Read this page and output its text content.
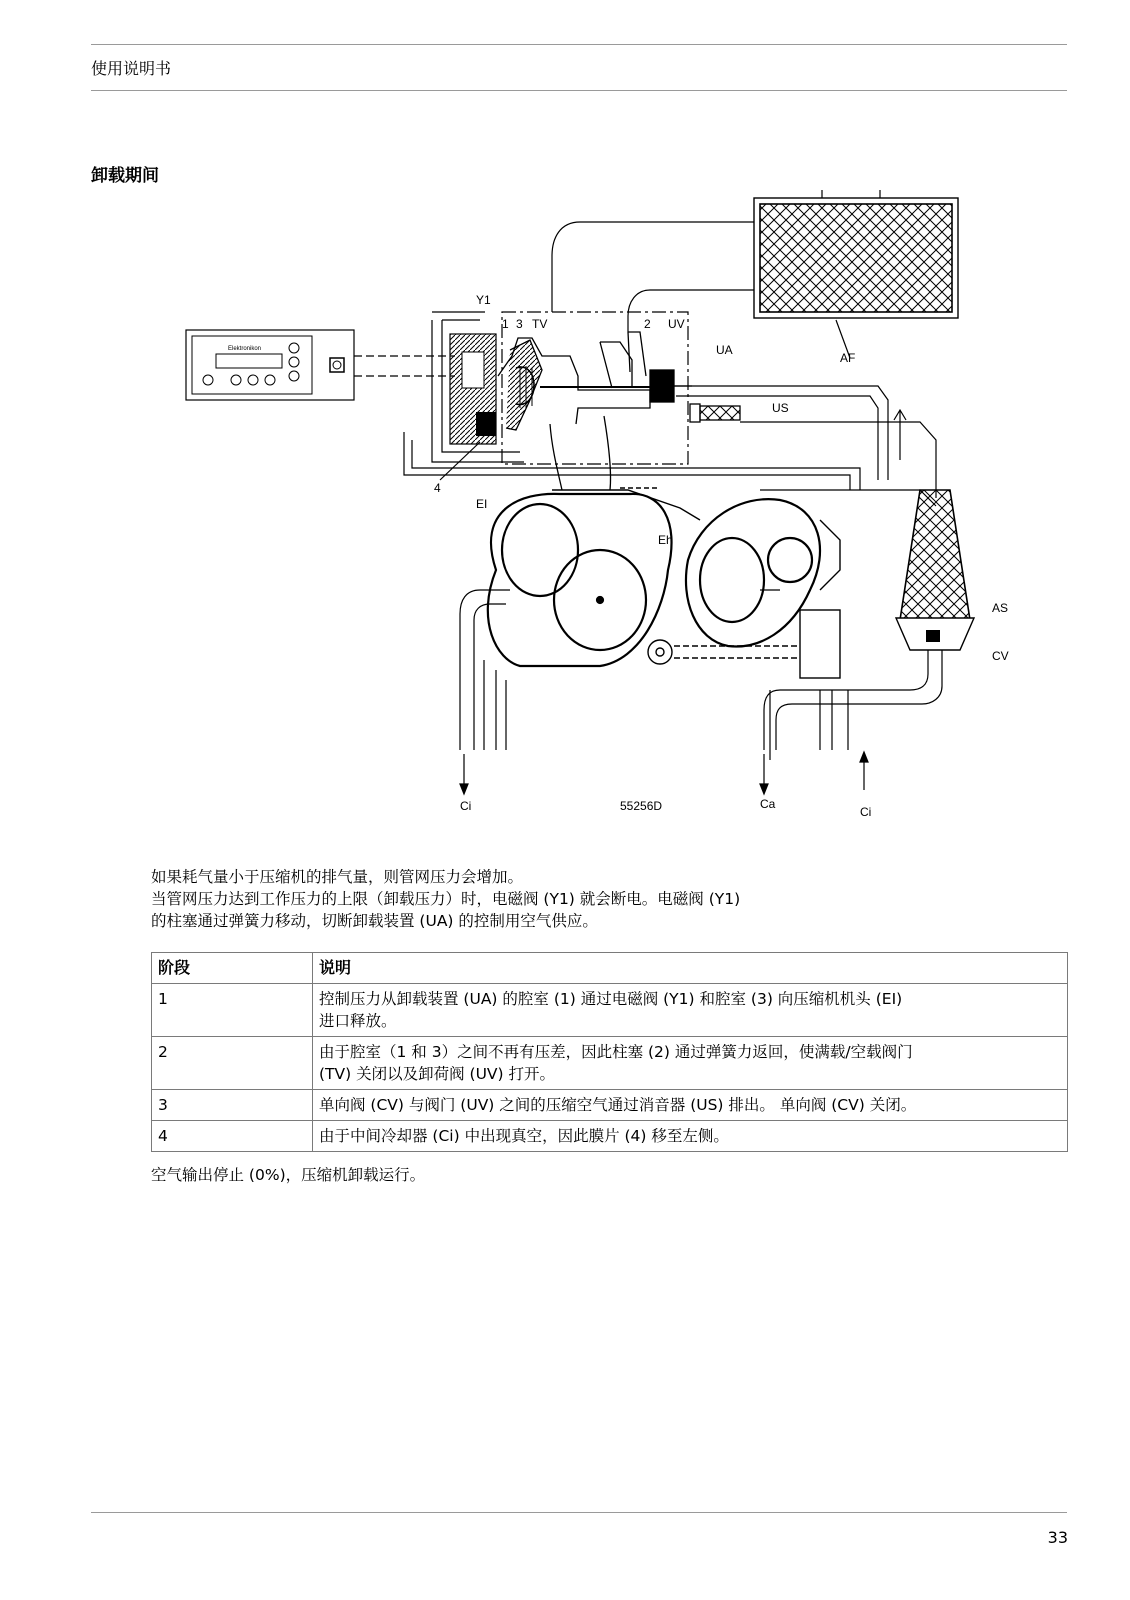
使用说明书
卸载期间
Elektronikon
Y1
1 3 TV	2 UV
UA
AF
US
4
EI
Eh
AS
CV
Ci	55256D	Ca
Ci
如果耗气量小于压缩机的排气量，则管网压力会增加。
当管网压力达到工作压力的上限（卸载压力）时，电磁阀 (Y1) 就会断电。电磁阀 (Y1)
的柱塞通过弹簧力移动，切断卸载装置 (UA) 的控制用空气供应。
阶段	说明
1	控制压力从卸载装置 (UA) 的腔室 (1) 通过电磁阀 (Y1) 和腔室 (3) 向压缩机机头 (EI)
进口释放。

2	由于腔室（1 和 3）之间不再有压差，因此柱塞 (2) 通过弹簧力返回，使满载/空载阀门
(TV) 关闭以及卸荷阀 (UV) 打开。

3	单向阀 (CV) 与阀门 (UV) 之间的压缩空气通过消音器 (US) 排出。 单向阀 (CV) 关闭。

4	由于中间冷却器 (Ci) 中出现真空，因此膜片 (4) 移至左侧。
空气输出停止 (0%)，压缩机卸载运行。
33
